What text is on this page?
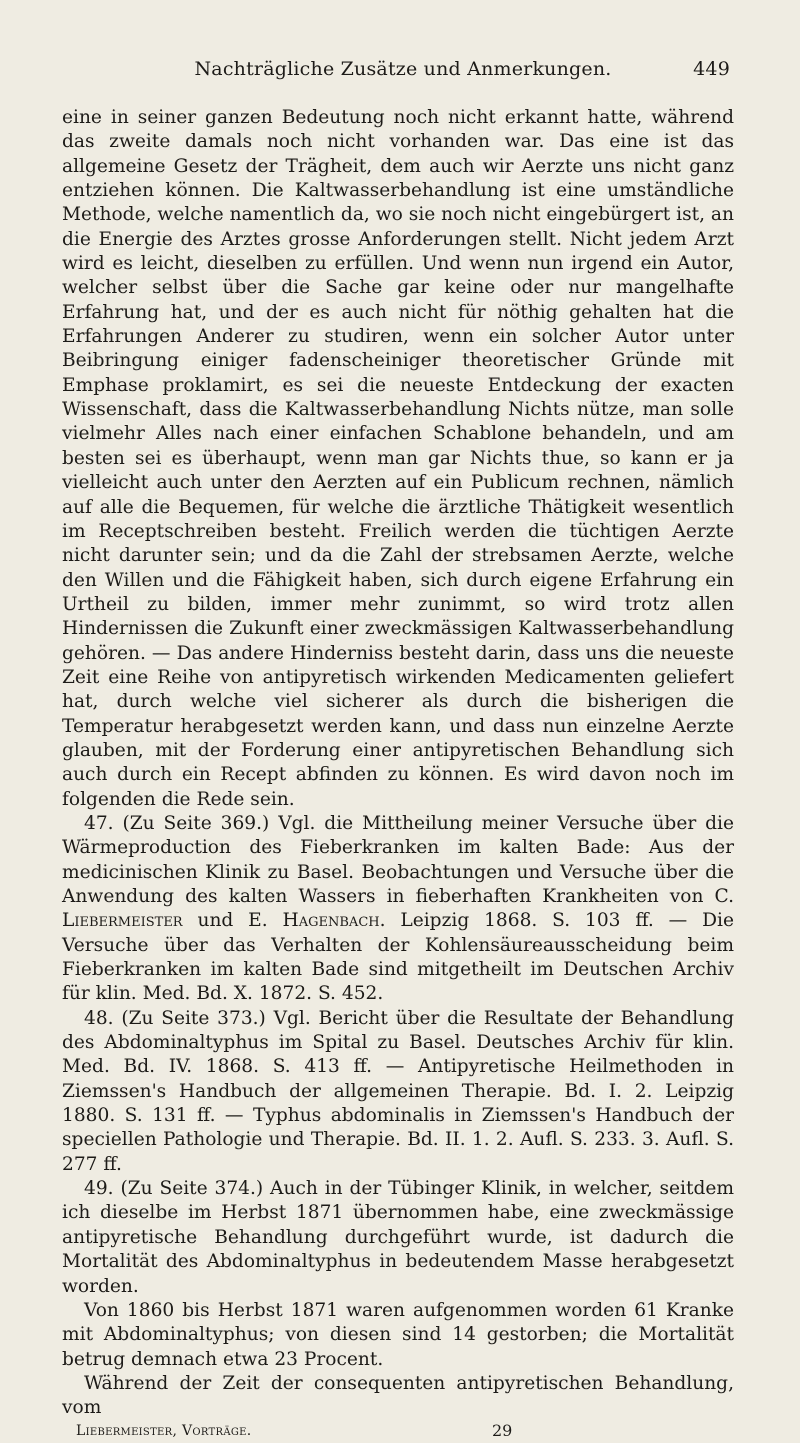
Nachträgliche Zusätze und Anmerkungen.	449

eine in seiner ganzen Bedeutung noch nicht erkannt hatte, während das zweite damals noch nicht vorhanden war. Das eine ist das allgemeine Gesetz der Trägheit, dem auch wir Aerzte uns nicht ganz entziehen können. Die Kaltwasserbehandlung ist eine umständliche Methode, welche namentlich da, wo sie noch nicht eingebürgert ist, an die Energie des Arztes grosse Anforderungen stellt. Nicht jedem Arzt wird es leicht, dieselben zu erfüllen. Und wenn nun irgend ein Autor, welcher selbst über die Sache gar keine oder nur mangelhafte Erfahrung hat, und der es auch nicht für nöthig gehalten hat die Erfahrungen Anderer zu studiren, wenn ein solcher Autor unter Beibringung einiger fadenscheiniger theoretischer Gründe mit Emphase proklamirt, es sei die neueste Entdeckung der exacten Wissenschaft, dass die Kaltwasserbehandlung Nichts nütze, man solle vielmehr Alles nach einer einfachen Schablone behandeln, und am besten sei es überhaupt, wenn man gar Nichts thue, so kann er ja vielleicht auch unter den Aerzten auf ein Publicum rechnen, nämlich auf alle die Bequemen, für welche die ärztliche Thätigkeit wesentlich im Receptschreiben besteht. Freilich werden die tüchtigen Aerzte nicht darunter sein; und da die Zahl der strebsamen Aerzte, welche den Willen und die Fähigkeit haben, sich durch eigene Erfahrung ein Urtheil zu bilden, immer mehr zunimmt, so wird trotz allen Hindernissen die Zukunft einer zweckmässigen Kaltwasserbehandlung gehören. — Das andere Hinderniss besteht darin, dass uns die neueste Zeit eine Reihe von antipyretisch wirkenden Medicamenten geliefert hat, durch welche viel sicherer als durch die bisherigen die Temperatur herabgesetzt werden kann, und dass nun einzelne Aerzte glauben, mit der Forderung einer antipyretischen Behandlung sich auch durch ein Recept abfinden zu können. Es wird davon noch im folgenden die Rede sein.

47. (Zu Seite 369.) Vgl. die Mittheilung meiner Versuche über die Wärmeproduction des Fieberkranken im kalten Bade: Aus der medicinischen Klinik zu Basel. Beobachtungen und Versuche über die Anwendung des kalten Wassers in fieberhaften Krankheiten von C. Liebermeister und E. Hagenbach. Leipzig 1868. S. 103 ff. — Die Versuche über das Verhalten der Kohlensäureausscheidung beim Fieberkranken im kalten Bade sind mitgetheilt im Deutschen Archiv für klin. Med. Bd. X. 1872. S. 452.

48. (Zu Seite 373.) Vgl. Bericht über die Resultate der Behandlung des Abdominaltyphus im Spital zu Basel. Deutsches Archiv für klin. Med. Bd. IV. 1868. S. 413 ff. — Antipyretische Heilmethoden in Ziemssen's Handbuch der allgemeinen Therapie. Bd. I. 2. Leipzig 1880. S. 131 ff. — Typhus abdominalis in Ziemssen's Handbuch der speciellen Pathologie und Therapie. Bd. II. 1. 2. Aufl. S. 233. 3. Aufl. S. 277 ff.

49. (Zu Seite 374.) Auch in der Tübinger Klinik, in welcher, seitdem ich dieselbe im Herbst 1871 übernommen habe, eine zweckmässige antipyretische Behandlung durchgeführt wurde, ist dadurch die Mortalität des Abdominaltyphus in bedeutendem Masse herabgesetzt worden.

Von 1860 bis Herbst 1871 waren aufgenommen worden 61 Kranke mit Abdominaltyphus; von diesen sind 14 gestorben; die Mortalität betrug demnach etwa 23 Procent.

Während der Zeit der consequenten antipyretischen Behandlung, vom

Liebermeister, Vorträge.	29
